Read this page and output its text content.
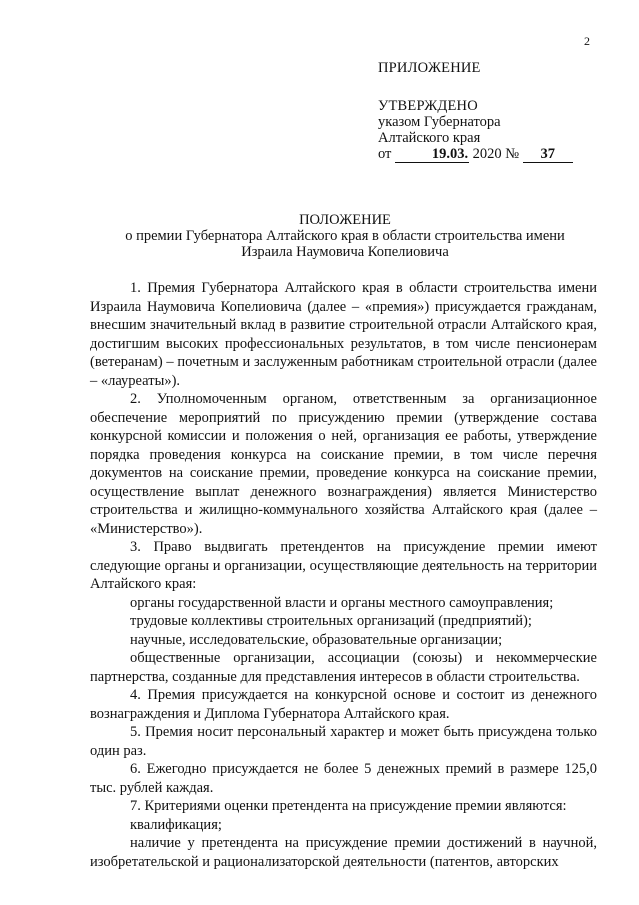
2
ПРИЛОЖЕНИЕ
УТВЕРЖДЕНО
указом Губернатора
Алтайского края
от	19.03. 2020 № 37
ПОЛОЖЕНИЕ
о премии Губернатора Алтайского края в области строительства имени
Израила Наумовича Копелиовича

1. Премия Губернатора Алтайского края в области строительства имени Израила Наумовича Копелиовича (далее – «премия») присуждается гражданам, внесшим значительный вклад в развитие строительной отрасли Алтайского края, достигшим высоких профессиональных результатов, в том числе пенсионерам (ветеранам) – почетным и заслуженным работникам строительной отрасли (далее – «лауреаты»).

2. Уполномоченным органом, ответственным за организационное обеспечение мероприятий по присуждению премии (утверждение состава конкурсной комиссии и положения о ней, организация ее работы, утверждение порядка проведения конкурса на соискание премии, в том числе перечня документов на соискание премии, проведение конкурса на соискание премии, осуществление выплат денежного вознаграждения) является Министерство строительства и жилищно-коммунального хозяйства Алтайского края (далее – «Министерство»).

3. Право выдвигать претендентов на присуждение премии имеют следующие органы и организации, осуществляющие деятельность на территории Алтайского края:

органы государственной власти и органы местного самоуправления;

трудовые коллективы строительных организаций (предприятий);

научные, исследовательские, образовательные организации;

общественные организации, ассоциации (союзы) и некоммерческие партнерства, созданные для представления интересов в области строительства.

4. Премия присуждается на конкурсной основе и состоит из денежного вознаграждения и Диплома Губернатора Алтайского края.

5. Премия носит персональный характер и может быть присуждена только один раз.

6. Ежегодно присуждается не более 5 денежных премий в размере 125,0 тыс. рублей каждая.

7. Критериями оценки претендента на присуждение премии являются:

квалификация;

наличие у претендента на присуждение премии достижений в научной, изобретательской и рационализаторской деятельности (патентов, авторских
